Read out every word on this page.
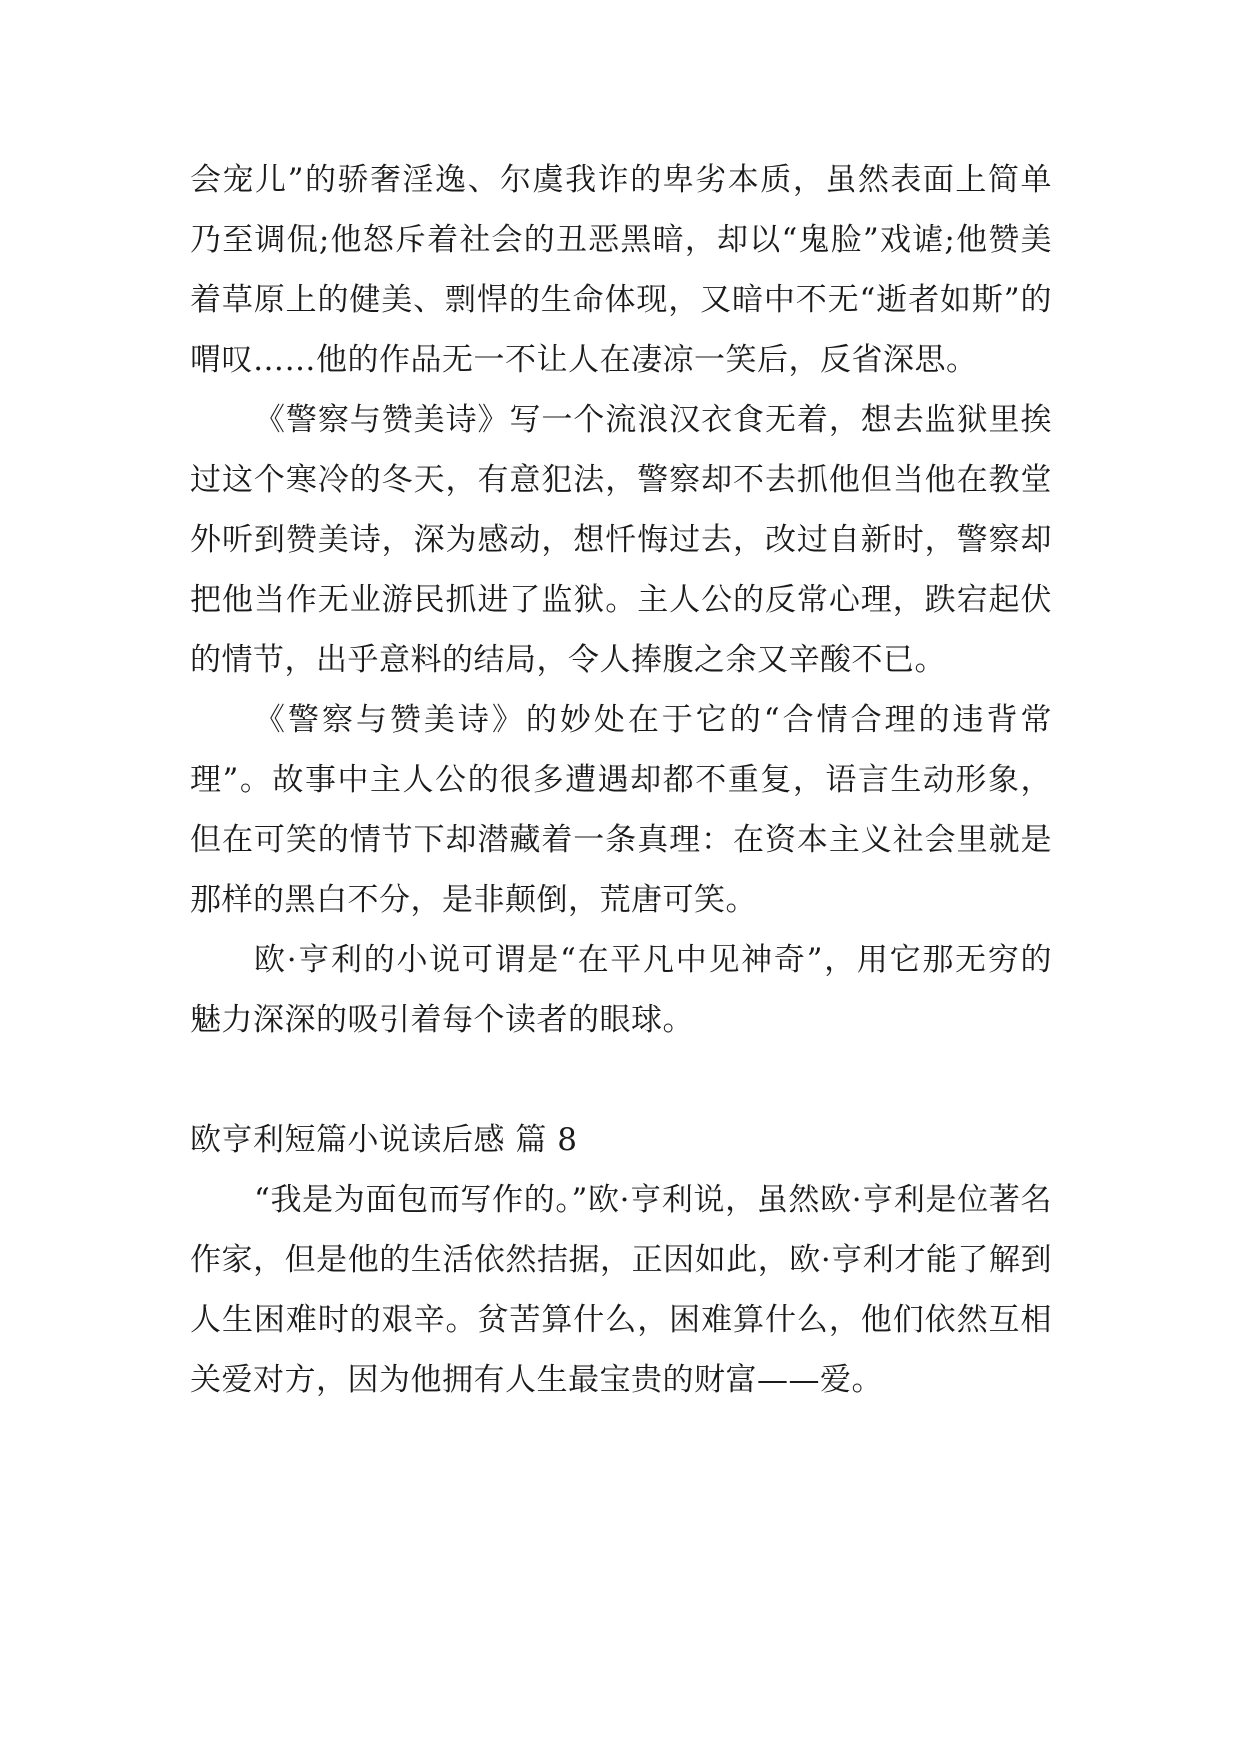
会宠儿”的骄奢淫逸、尔虞我诈的卑劣本质，虽然表面上简单乃至调侃;他怒斥着社会的丑恶黑暗，却以“鬼脸”戏谑;他赞美着草原上的健美、剽悍的生命体现，又暗中不无“逝者如斯”的喟叹……他的作品无一不让人在凄凉一笑后，反省深思。

《警察与赞美诗》写一个流浪汉衣食无着，想去监狱里挨过这个寒冷的冬天，有意犯法，警察却不去抓他但当他在教堂外听到赞美诗，深为感动，想忏悔过去，改过自新时，警察却把他当作无业游民抓进了监狱。主人公的反常心理，跌宕起伏的情节，出乎意料的结局，令人捧腹之余又辛酸不已。

《警察与赞美诗》的妙处在于它的“合情合理的违背常理”。故事中主人公的很多遭遇却都不重复，语言生动形象，但在可笑的情节下却潜藏着一条真理：在资本主义社会里就是那样的黑白不分，是非颠倒，荒唐可笑。

欧·亨利的小说可谓是“在平凡中见神奇”，用它那无穷的魅力深深的吸引着每个读者的眼球。

欧亨利短篇小说读后感 篇 8

“我是为面包而写作的。”欧·亨利说，虽然欧·亨利是位著名作家，但是他的生活依然拮据，正因如此，欧·亨利才能了解到人生困难时的艰辛。贫苦算什么，困难算什么，他们依然互相关爱对方，因为他拥有人生最宝贵的财富——爱。
